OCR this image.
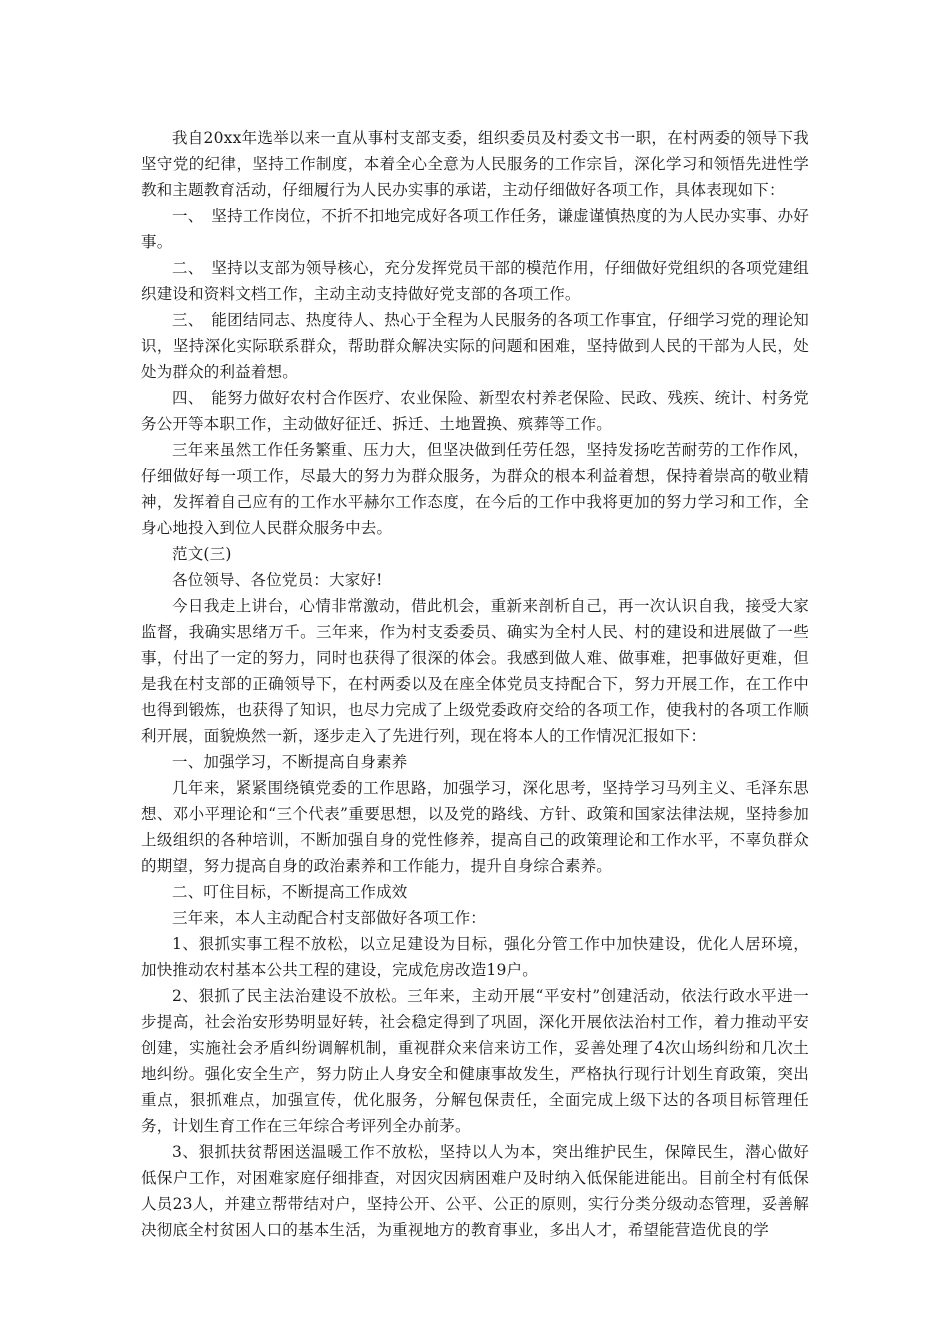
我自20xx年选举以来一直从事村支部支委，组织委员及村委文书一职，在村两委的领导下我坚守党的纪律，坚持工作制度，本着全心全意为人民服务的工作宗旨，深化学习和领悟先进性学教和主题教育活动，仔细履行为人民办实事的承诺，主动仔细做好各项工作，具体表现如下：

一、　坚持工作岗位，不折不扣地完成好各项工作任务，谦虚谨慎热度的为人民办实事、办好事。

二、　坚持以支部为领导核心，充分发挥党员干部的模范作用，仔细做好党组织的各项党建组织建设和资料文档工作，主动主动支持做好党支部的各项工作。

三、　能团结同志、热度待人、热心于全程为人民服务的各项工作事宜，仔细学习党的理论知识，坚持深化实际联系群众，帮助群众解决实际的问题和困难，坚持做到人民的干部为人民，处处为群众的利益着想。

四、　能努力做好农村合作医疗、农业保险、新型农村养老保险、民政、残疾、统计、村务党务公开等本职工作，主动做好征迁、拆迁、土地置换、殡葬等工作。

三年来虽然工作任务繁重、压力大，但坚决做到任劳任怨，坚持发扬吃苦耐劳的工作作风，仔细做好每一项工作，尽最大的努力为群众服务，为群众的根本利益着想，保持着崇高的敬业精神，发挥着自己应有的工作水平赫尔工作态度，在今后的工作中我将更加的努力学习和工作，全身心地投入到位人民群众服务中去。

范文(三)

各位领导、各位党员：大家好!

今日我走上讲台，心情非常激动，借此机会，重新来剖析自己，再一次认识自我，接受大家监督，我确实思绪万千。三年来，作为村支委委员、确实为全村人民、村的建设和进展做了一些事，付出了一定的努力，同时也获得了很深的体会。我感到做人难、做事难，把事做好更难，但是我在村支部的正确领导下，在村两委以及在座全体党员支持配合下，努力开展工作，在工作中也得到锻炼，也获得了知识，也尽力完成了上级党委政府交给的各项工作，使我村的各项工作顺利开展，面貌焕然一新，逐步走入了先进行列，现在将本人的工作情况汇报如下：

一、加强学习，不断提高自身素养

几年来，紧紧围绕镇党委的工作思路，加强学习，深化思考，坚持学习马列主义、毛泽东思想、邓小平理论和“三个代表”重要思想，以及党的路线、方针、政策和国家法律法规，坚持参加上级组织的各种培训，不断加强自身的党性修养，提高自己的政策理论和工作水平，不辜负群众的期望，努力提高自身的政治素养和工作能力，提升自身综合素养。

二、叮住目标，不断提高工作成效

三年来，本人主动配合村支部做好各项工作：

1、狠抓实事工程不放松，以立足建设为目标，强化分管工作中加快建设，优化人居环境，加快推动农村基本公共工程的建设，完成危房改造19户。

2、狠抓了民主法治建设不放松。三年来，主动开展“平安村”创建活动，依法行政水平进一步提高，社会治安形势明显好转，社会稳定得到了巩固，深化开展依法治村工作，着力推动平安创建，实施社会矛盾纠纷调解机制，重视群众来信来访工作，妥善处理了4次山场纠纷和几次土地纠纷。强化安全生产，努力防止人身安全和健康事故发生，严格执行现行计划生育政策，突出重点，狠抓难点，加强宣传，优化服务，分解包保责任，全面完成上级下达的各项目标管理任务，计划生育工作在三年综合考评列全办前茅。

3、狠抓扶贫帮困送温暖工作不放松，坚持以人为本，突出维护民生，保障民生，潜心做好低保户工作，对困难家庭仔细排查，对因灾因病困难户及时纳入低保能进能出。目前全村有低保人员23人，并建立帮带结对户，坚持公开、公平、公正的原则，实行分类分级动态管理，妥善解决彻底全村贫困人口的基本生活，为重视地方的教育事业，多出人才，希望能营造优良的学
